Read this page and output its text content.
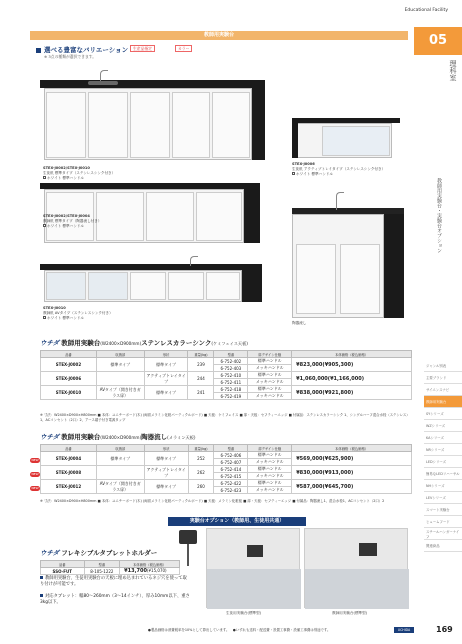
Educational Facility
教師用実験台	05
理科室
教師用実験台・実験台オプション
ジャンル別表
主要ブランド
サイエンスナビ
教師用実験台
SYシリーズ
WZシリーズ
KAシリーズ
NRシリーズ
LEDシリーズ
簡易なLEDリハーサル
NHシリーズ
LEVシリーズ
スマート実験台
ヒュームフード
スチールハンガーナイフ
関連商品
選べる豊富なバリエーション	生産品指定	カラー
※ 3点の種類が選択できます。
STEX-J0002/STEX-J0010
生徒机 標準タイプ（ステンレスシンク付き）
ホワイト 標準ハンドル
STEX-J0006
生徒机 アクティブトレイタイプ（ステンレスシンク付き）
ホワイト 標準ハンドル
STEX-J0002/STEX-J0004
教師机 標準タイプ（陶器流し付き）
ホワイト 標準ハンドル
陶器流し
STEX-J0010
教師机 AVタイプ（ステンレスシンク付き）
ホワイト 標準ハンドル
ウチダ 教師用実験台(W2400×D900mm)ステンレスカラーシンク(ケミフェイス天板)
品番	収納部	形状	重量(kg)	型番	扉デザイン仕様	本体価格（税込価格）
STEX-J0002	標準タイプ	標準タイプ	239	6-752-402	標準ハンドル	¥823,000(¥905,300)
				6-752-403	メッキハンドル	
STEX-J0006		アクティブトレイタイプ	244	6-752-410	標準ハンドル	¥1,060,000(¥1,166,000)
				6-752-411	メッキハンドル	
STEX-J0010	AVタイプ（開き付きガラス扉）	標準タイプ	241	6-752-418	標準ハンドル	¥838,000(¥921,800)
				6-752-419	メッキハンドル	
※ 寸法：W2400×D900×H800mm ■ 本体：ユニチーボード(木) (両面メラミン化粧パーティクルボード) ■ 天板：ケミフェイス ■ 扉・天板：セフティーエッジ ■ 付属品：ステンレスカラーシンク 1、シングルハーフ混合水栓（ステンレス）1、ACコンセント（2口）2、アース端子付き電源タップ
ウチダ 教師用実験台(W2400×D900mm)陶器流し(メラミン天板)
品番	収納部	形状	重量(kg)	型番	扉デザイン仕様	本体価格（税込価格）
STEX-J0004	標準タイプ	標準タイプ	252	6-752-406	標準ハンドル	¥569,000(¥625,900)
				6-752-407	メッキハンドル	
STEX-J0008		アクティブトレイタイプ	262	6-752-414	標準ハンドル	¥830,000(¥913,000)
				6-752-415	メッキハンドル	
STEX-J0012	AVタイプ（開き付きガラス扉）	標準タイプ	260	6-752-422	標準ハンドル	¥587,000(¥645,700)
				6-752-423	メッキハンドル	
※ 寸法：W2400×D900×H800mm ■ 本体：ユニチーボード(木) (両面メラミン化粧パーティクルボード) ■ 天板：メラミン化粧板 ■ 扉・天板：セフティーエッジ ■ 付属品：陶器流し1、混合水栓1、ACコンセント（2口）2
実験台オプション（教師用、生徒用共通）
ウチダ フレキシブルタブレットホルダー
品番	型番	本体価格（税込価格）
SSO-FUT	8-105-1222	¥13,700(¥15,070)
教師用実験台、生徒用実験台の天板に埋め込まれているネジ穴を使って取り付けが可能です。
対応タブレット：幅80〜260mm（3〜14インチ）、厚み10mm以下、重さ3kg以下。
生徒用実験台(標準型)	教師用実験台(標準型)
●製品価格は消費税率を10%として算出しています。　●いずれも送料・配送費・設置工事費・設備工事費は別途です。	UCHIDA	169
NEW
NEW
NEW
